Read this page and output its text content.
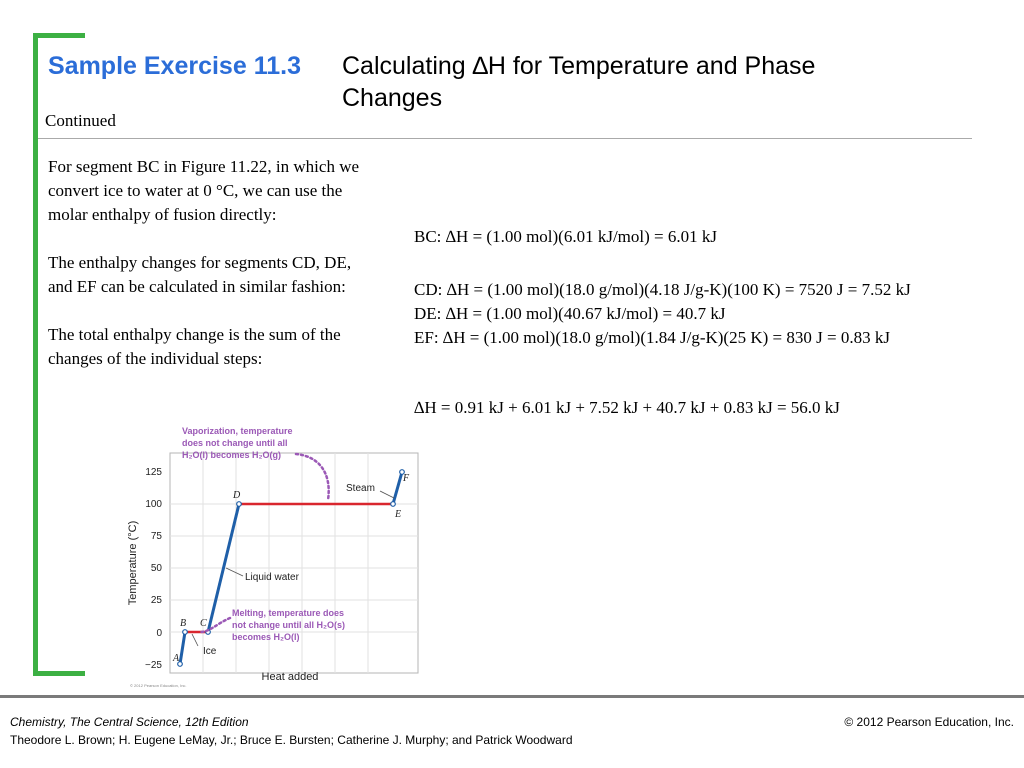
Sample Exercise 11.3 Calculating ∆H for Temperature and Phase
Changes
Continued

For segment BC in Figure 11.22, in which we convert ice to water at 0 °C, we can use the molar enthalpy of fusion directly:

The enthalpy changes for segments CD, DE, and EF can be calculated in similar fashion:

The total enthalpy change is the sum of the changes of the individual steps:

BC: ∆H = (1.00 mol)(6.01 kJ/mol) = 6.01 kJ
CD: ∆H = (1.00 mol)(18.0 g/mol)(4.18 J/g-K)(100 K) = 7520 J = 7.52 kJ
DE: ∆H = (1.00 mol)(40.67 kJ/mol) = 40.7 kJ
EF: ∆H = (1.00 mol)(18.0 g/mol)(1.84 J/g-K)(25 K) = 830 J = 0.83 kJ
∆H = 0.91 kJ + 6.01 kJ + 7.52 kJ + 40.7 kJ + 0.83 kJ = 56.0 kJ
125
100
75
50
25
0
−25
Temperature (°C)
Heat added
A
B C
D
E
F
Ice
Liquid water
Steam
Vaporization, temperature
does not change until all
H₂O(l) becomes H₂O(g)
Melting, temperature does
not change until all H₂O(s)
becomes H₂O(l)
© 2012 Pearson Education, Inc.
Chemistry, The Central Science, 12th Edition
Theodore L. Brown; H. Eugene LeMay, Jr.; Bruce E. Bursten; Catherine J. Murphy; and Patrick Woodward
© 2012 Pearson Education, Inc.
